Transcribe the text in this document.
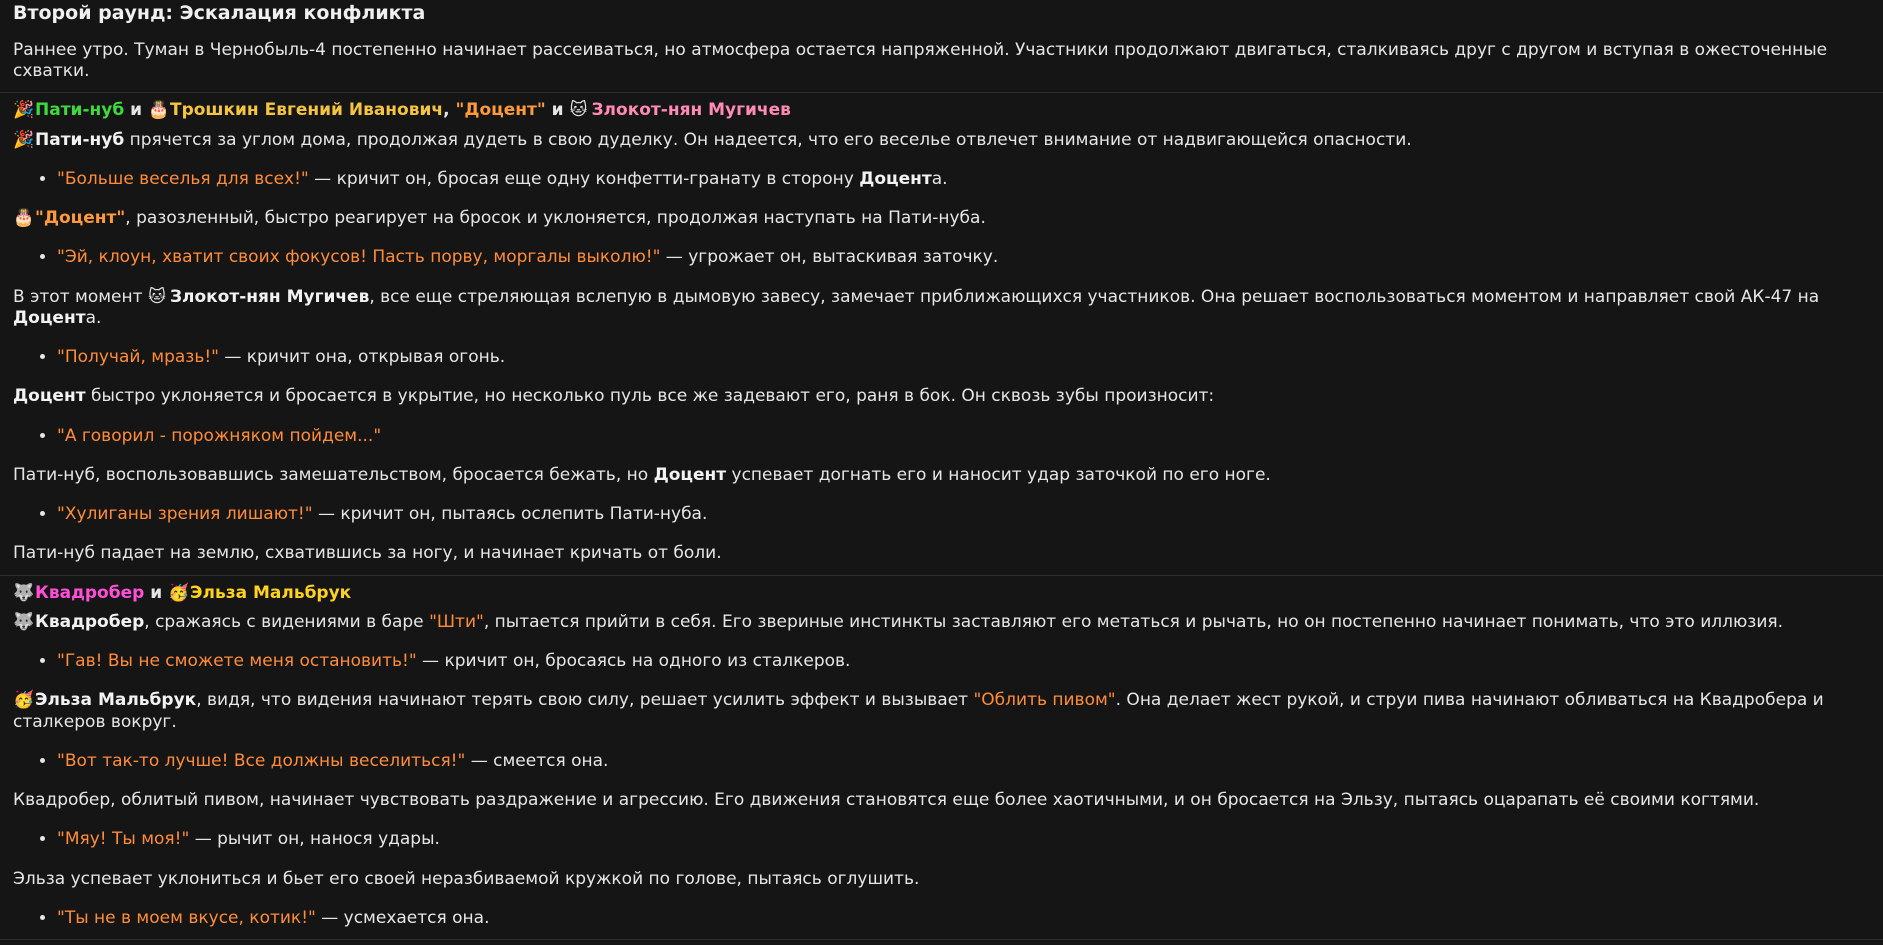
Второй раунд: Эскалация конфликта

Раннее утро. Туман в Чернобыль-4 постепенно начинает рассеиваться, но атмосфера остается напряженной. Участники продолжают двигаться, сталкиваясь друг с другом и вступая в ожесточенные схватки.

🎉Пати-нуб и 🎂Трошкин Евгений Иванович, "Доцент" и 🐱 Злокот-нян Мугичев

🎉Пати-нуб прячется за углом дома, продолжая дудеть в свою дуделку. Он надеется, что его веселье отвлечет внимание от надвигающейся опасности.

• "Больше веселья для всех!" — кричит он, бросая еще одну конфетти-гранату в сторону Доцента.

🎂"Доцент", разозленный, быстро реагирует на бросок и уклоняется, продолжая наступать на Пати-нуба.

• "Эй, клоун, хватит своих фокусов! Пасть порву, моргалы выколю!" — угрожает он, вытаскивая заточку.

В этот момент 🐱 Злокот-нян Мугичев, все еще стреляющая вслепую в дымовую завесу, замечает приближающихся участников. Она решает воспользоваться моментом и направляет свой АК-47 на Доцента.

• "Получай, мразь!" — кричит она, открывая огонь.

Доцент быстро уклоняется и бросается в укрытие, но несколько пуль все же задевают его, раня в бок. Он сквозь зубы произносит:

• "А говорил - порожняком пойдем..."

Пати-нуб, воспользовавшись замешательством, бросается бежать, но Доцент успевает догнать его и наносит удар заточкой по его ноге.

• "Хулиганы зрения лишают!" — кричит он, пытаясь ослепить Пати-нуба.

Пати-нуб падает на землю, схватившись за ногу, и начинает кричать от боли.

🐺Квадробер и 🥳Эльза Мальбрук

🐺Квадробер, сражаясь с видениями в баре "Шти", пытается прийти в себя. Его звериные инстинкты заставляют его метаться и рычать, но он постепенно начинает понимать, что это иллюзия.

• "Гав! Вы не сможете меня остановить!" — кричит он, бросаясь на одного из сталкеров.

🥳Эльза Мальбрук, видя, что видения начинают терять свою силу, решает усилить эффект и вызывает "Облить пивом". Она делает жест рукой, и струи пива начинают обливаться на Квадробера и сталкеров вокруг.

• "Вот так-то лучше! Все должны веселиться!" — смеется она.

Квадробер, облитый пивом, начинает чувствовать раздражение и агрессию. Его движения становятся еще более хаотичными, и он бросается на Эльзу, пытаясь оцарапать её своими когтями.

• "Мяу! Ты моя!" — рычит он, нанося удары.

Эльза успевает уклониться и бьет его своей неразбиваемой кружкой по голове, пытаясь оглушить.

• "Ты не в моем вкусе, котик!" — усмехается она.
